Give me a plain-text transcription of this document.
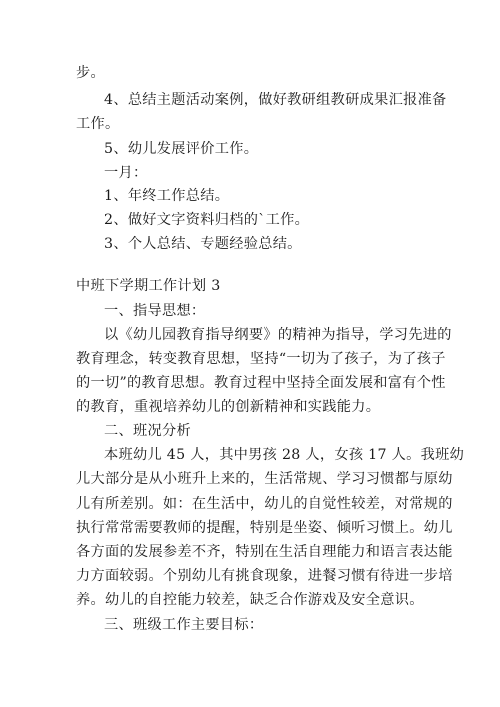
步。
4、总结主题活动案例，做好教研组教研成果汇报准备
工作。
5、幼儿发展评价工作。
一月：
1、年终工作总结。
2、做好文字资料归档的`工作。
3、个人总结、专题经验总结。
中班下学期工作计划 3
一、指导思想：
以《幼儿园教育指导纲要》的精神为指导，学习先进的
教育理念，转变教育思想，坚持“一切为了孩子，为了孩子
的一切”的教育思想。教育过程中坚持全面发展和富有个性
的教育，重视培养幼儿的创新精神和实践能力。
二、班况分析
本班幼儿 45 人，其中男孩 28 人，女孩 17 人。我班幼
儿大部分是从小班升上来的，生活常规、学习习惯都与原幼
儿有所差别。如：在生活中，幼儿的自觉性较差，对常规的
执行常常需要教师的提醒，特别是坐姿、倾听习惯上。幼儿
各方面的发展参差不齐，特别在生活自理能力和语言表达能
力方面较弱。个别幼儿有挑食现象，进餐习惯有待进一步培
养。幼儿的自控能力较差，缺乏合作游戏及安全意识。
三、班级工作主要目标：
